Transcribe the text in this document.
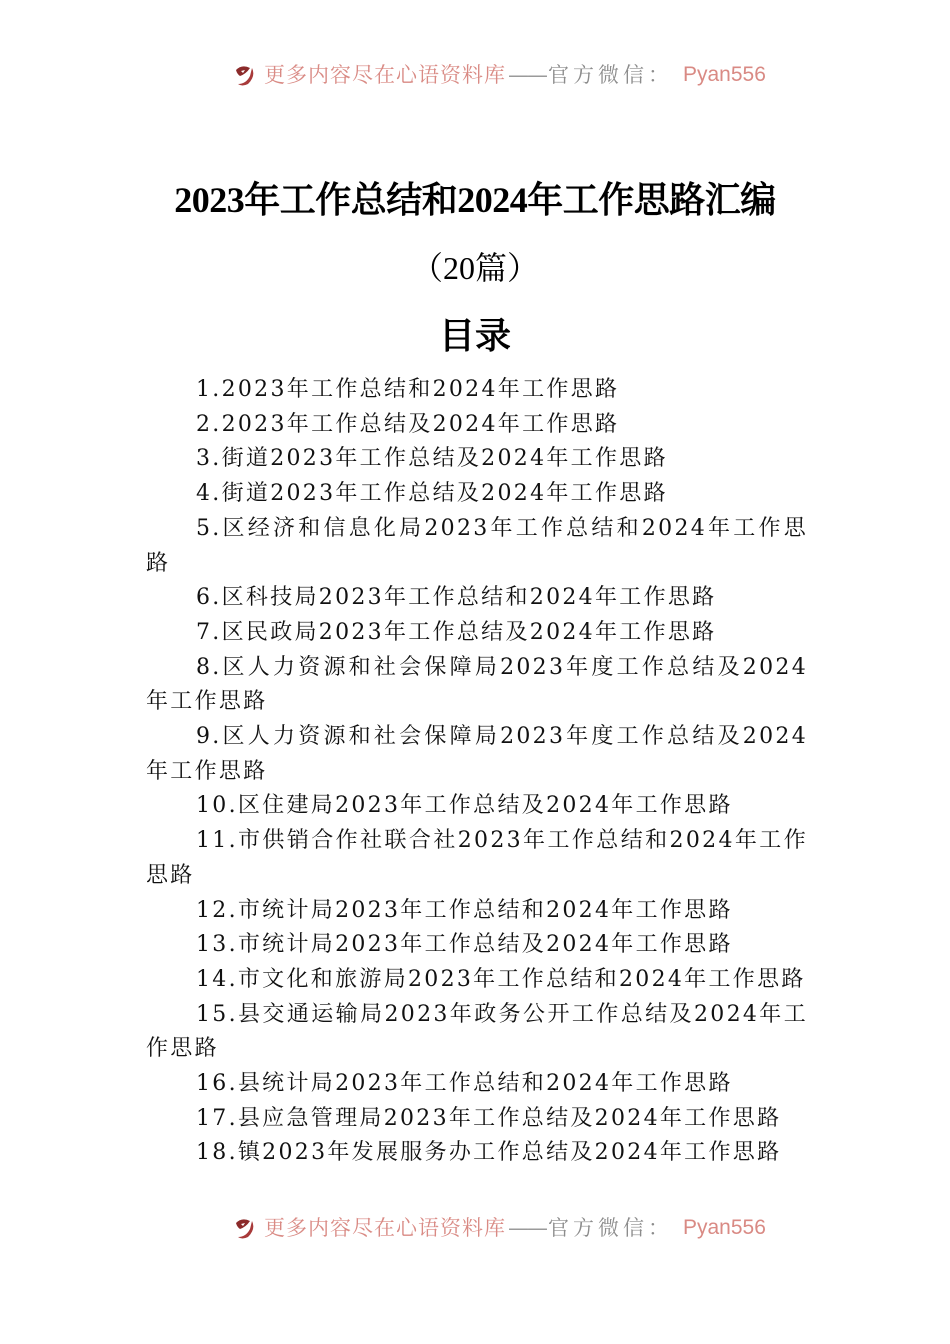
更多内容尽在心语资料库 —— 官方微信： Pyan556
2023年工作总结和2024年工作思路汇编
（20篇）
目录
1.2023年工作总结和2024年工作思路
2.2023年工作总结及2024年工作思路
3.街道2023年工作总结及2024年工作思路
4.街道2023年工作总结及2024年工作思路
5.区经济和信息化局2023年工作总结和2024年工作思路
6.区科技局2023年工作总结和2024年工作思路
7.区民政局2023年工作总结及2024年工作思路
8.区人力资源和社会保障局2023年度工作总结及2024年工作思路
9.区人力资源和社会保障局2023年度工作总结及2024年工作思路
10.区住建局2023年工作总结及2024年工作思路
11.市供销合作社联合社2023年工作总结和2024年工作思路
12.市统计局2023年工作总结和2024年工作思路
13.市统计局2023年工作总结及2024年工作思路
14.市文化和旅游局2023年工作总结和2024年工作思路
15.县交通运输局2023年政务公开工作总结及2024年工作思路
16.县统计局2023年工作总结和2024年工作思路
17.县应急管理局2023年工作总结及2024年工作思路
18.镇2023年发展服务办工作总结及2024年工作思路
更多内容尽在心语资料库 —— 官方微信： Pyan556
